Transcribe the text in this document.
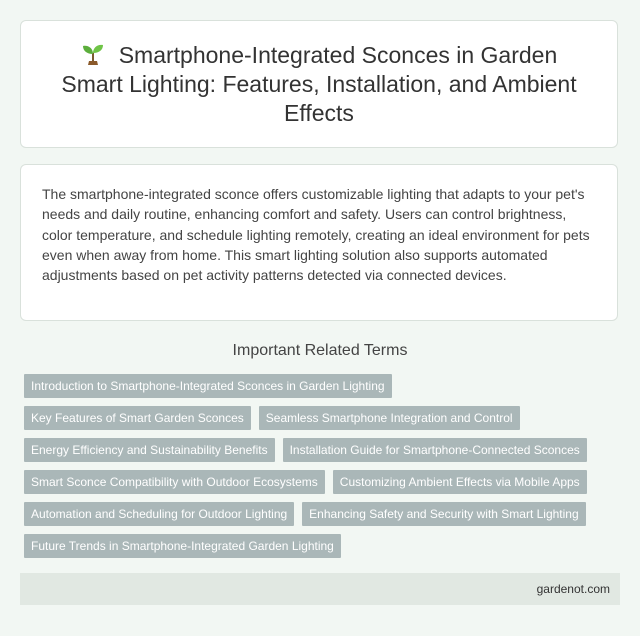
Smartphone-Integrated Sconces in Garden Smart Lighting: Features, Installation, and Ambient Effects

The smartphone-integrated sconce offers customizable lighting that adapts to your pet's needs and daily routine, enhancing comfort and safety. Users can control brightness, color temperature, and schedule lighting remotely, creating an ideal environment for pets even when away from home. This smart lighting solution also supports automated adjustments based on pet activity patterns detected via connected devices.

Important Related Terms
Introduction to Smartphone-Integrated Sconces in Garden Lighting
Key Features of Smart Garden Sconces	Seamless Smartphone Integration and Control
Energy Efficiency and Sustainability Benefits	Installation Guide for Smartphone-Connected Sconces
Smart Sconce Compatibility with Outdoor Ecosystems	Customizing Ambient Effects via Mobile Apps
Automation and Scheduling for Outdoor Lighting	Enhancing Safety and Security with Smart Lighting
Future Trends in Smartphone-Integrated Garden Lighting
gardenot.com
